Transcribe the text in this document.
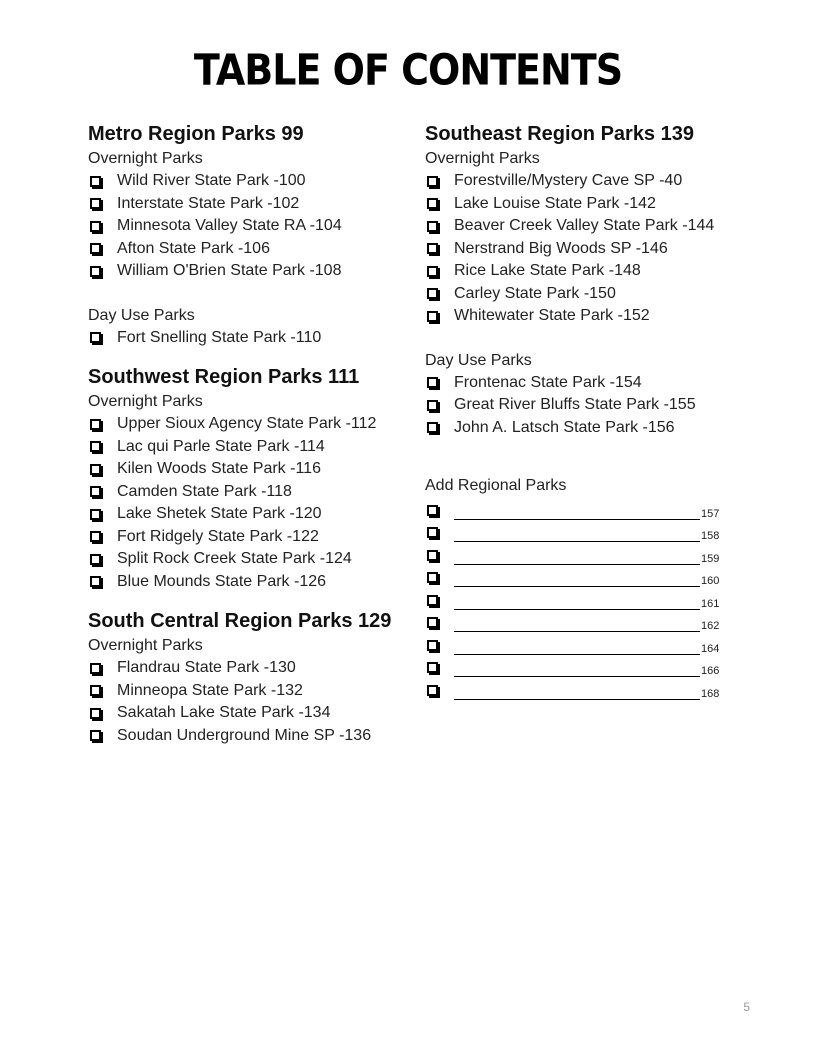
TABLE OF CONTENTS
Metro Region Parks 99
Overnight Parks
Wild River State Park -100
Interstate State Park -102
Minnesota Valley State RA -104
Afton State Park -106
William O'Brien State Park -108
Day Use Parks
Fort Snelling State Park -110
Southwest Region Parks 111
Overnight Parks
Upper Sioux Agency State Park -112
Lac qui Parle State Park -114
Kilen Woods State Park -116
Camden State Park -118
Lake Shetek State Park -120
Fort Ridgely State Park -122
Split Rock Creek State Park -124
Blue Mounds State Park -126
South Central Region Parks 129
Overnight Parks
Flandrau State Park -130
Minneopa State Park -132
Sakatah Lake State Park -134
Soudan Underground Mine SP -136
Southeast Region Parks 139
Overnight Parks
Forestville/Mystery Cave SP -40
Lake Louise State Park -142
Beaver Creek Valley State Park -144
Nerstrand Big Woods SP -146
Rice Lake State Park -148
Carley State Park -150
Whitewater State Park -152
Day Use Parks
Frontenac State Park -154
Great River Bluffs State Park -155
John A. Latsch State Park -156
Add Regional Parks
157
158
159
160
161
162
164
166
168
5
